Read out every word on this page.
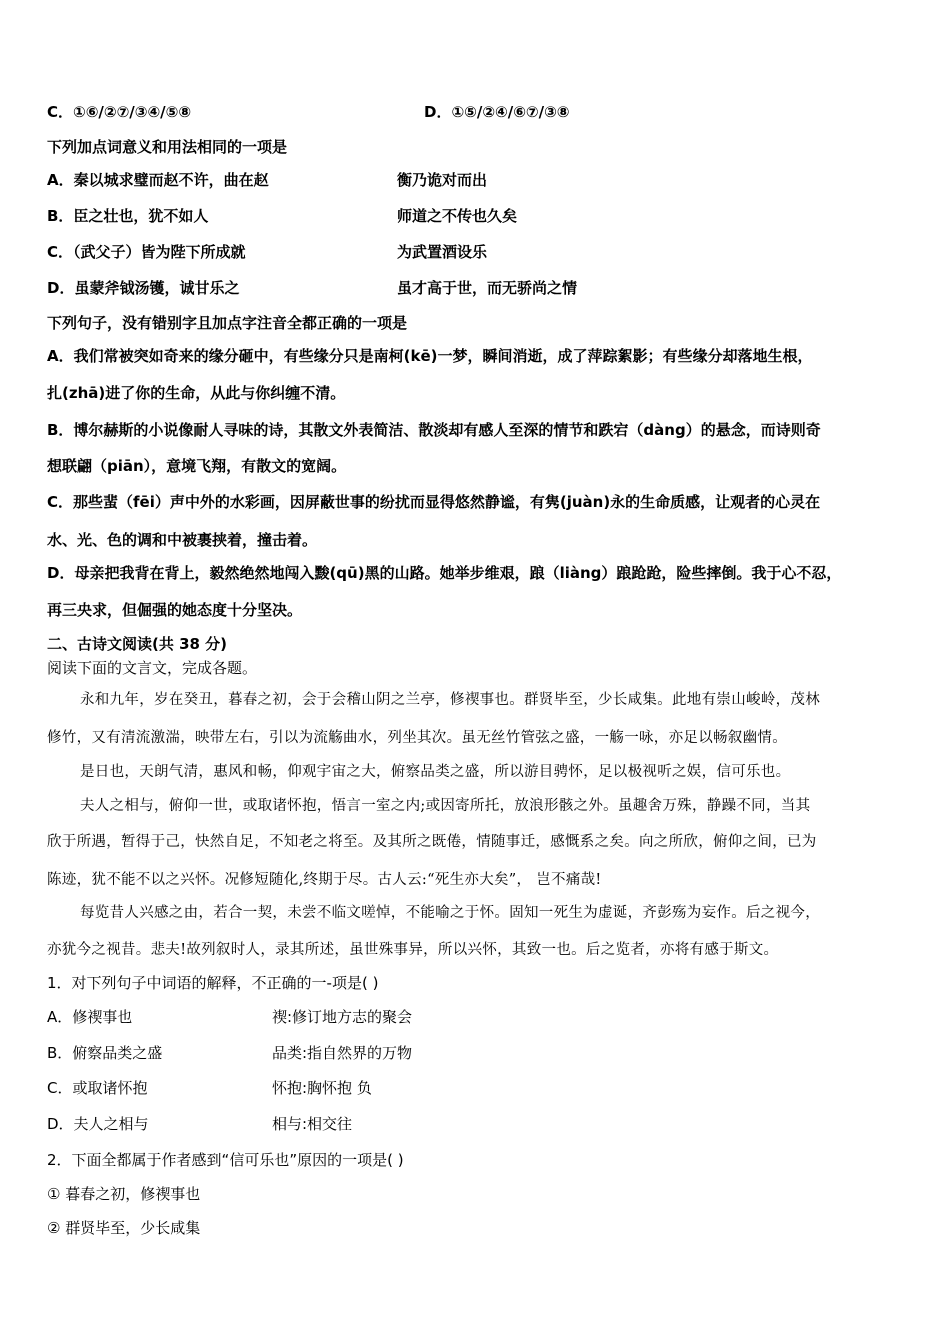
C．①⑥/②⑦/③④/⑤⑧	D．①⑤/②④/⑥⑦/③⑧
下列加点词意义和用法相同的一项是
A．秦以城求璧而赵不许，曲在赵	衡乃诡对而出
B．臣之壮也，犹不如人	师道之不传也久矣
C．（武父子）皆为陛下所成就	为武置酒设乐
D．虽蒙斧钺汤镬，诚甘乐之	虽才高于世，而无骄尚之情
下列句子，没有错别字且加点字注音全都正确的一项是
A．我们常被突如奇来的缘分砸中，有些缘分只是南柯(kē)一梦，瞬间消逝，成了萍踪絮影；有些缘分却落地生根，
扎(zhā)进了你的生命，从此与你纠缠不清。
B．博尔赫斯的小说像耐人寻味的诗，其散文外表简洁、散淡却有感人至深的情节和跌宕（dàng）的悬念，而诗则奇
想联翩（piān），意境飞翔，有散文的宽阔。
C．那些蜚（fēi）声中外的水彩画，因屏蔽世事的纷扰而显得悠然静谧，有隽(juàn)永的生命质感，让观者的心灵在
水、光、色的调和中被裹挟着，撞击着。
D．母亲把我背在背上，毅然绝然地闯入黢(qū)黑的山路。她举步维艰，踉（liàng）踉跄跄，险些摔倒。我于心不忍，
再三央求，但倔强的她态度十分坚决。
二、古诗文阅读(共 38 分)
阅读下面的文言文，完成各题。
永和九年，岁在癸丑，暮春之初，会于会稽山阴之兰亭，修禊事也。群贤毕至，少长咸集。此地有崇山峻岭，茂林
修竹，又有清流激湍，映带左右，引以为流觞曲水，列坐其次。虽无丝竹管弦之盛，一觞一咏，亦足以畅叙幽情。
是日也，天朗气清，惠风和畅，仰观宇宙之大，俯察品类之盛，所以游目骋怀，足以极视听之娱，信可乐也。
夫人之相与，俯仰一世，或取诸怀抱，悟言一室之内;或因寄所托，放浪形骸之外。虽趣舍万殊，静躁不同，当其
欣于所遇，暂得于己，快然自足，不知老之将至。及其所之既倦，情随事迁，感慨系之矣。向之所欣，俯仰之间，已为
陈迹，犹不能不以之兴怀。况修短随化,终期于尽。古人云:“死生亦大矣”， 岂不痛哉!
每览昔人兴感之由，若合一契，未尝不临文嗟悼，不能喻之于怀。固知一死生为虚诞，齐彭殇为妄作。后之视今，
亦犹今之视昔。悲夫!故列叙时人，录其所述，虽世殊事异，所以兴怀，其致一也。后之览者，亦将有感于斯文。
1．对下列句子中词语的解释，不正确的一-项是( )
A．修禊事也	禊:修订地方志的聚会
B．俯察品类之盛	品类:指自然界的万物
C．或取诸怀抱	怀抱:胸怀抱 负
D．夫人之相与	相与:相交往
2．下面全都属于作者感到“信可乐也”原因的一项是( )
① 暮春之初，修禊事也
② 群贤毕至，少长咸集
